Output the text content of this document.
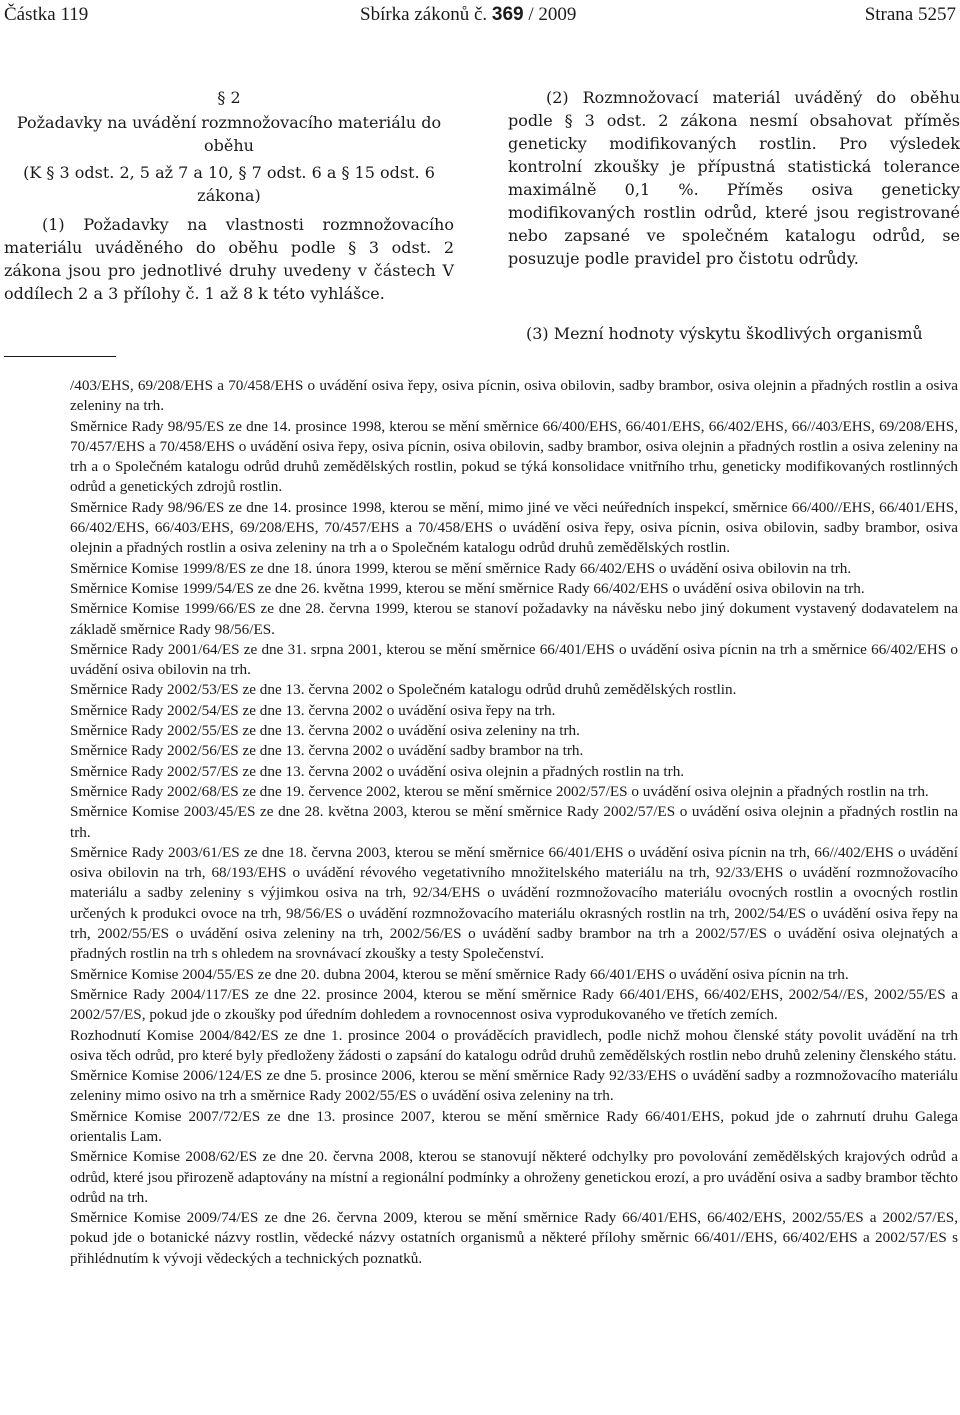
Částka 119	Sbírka zákonů č. 369 / 2009	Strana 5257

§ 2

Požadavky na uvádění rozmnožovacího materiálu do oběhu

(K § 3 odst. 2, 5 až 7 a 10, § 7 odst. 6 a § 15 odst. 6 zákona)

(1) Požadavky na vlastnosti rozmnožovacího materiálu uváděného do oběhu podle § 3 odst. 2 zákona jsou pro jednotlivé druhy uvedeny v částech V oddílech 2 a 3 přílohy č. 1 až 8 k této vyhlášce.

(2) Rozmnožovací materiál uváděný do oběhu podle § 3 odst. 2 zákona nesmí obsahovat příměs geneticky modifikovaných rostlin. Pro výsledek kontrolní zkoušky je přípustná statistická tolerance maximálně 0,1 %. Příměs osiva geneticky modifikovaných rostlin odrůd, které jsou registrované nebo zapsané ve společném katalogu odrůd, se posuzuje podle pravidel pro čistotu odrůdy.

(3) Mezní hodnoty výskytu škodlivých organismů

/403/EHS, 69/208/EHS a 70/458/EHS o uvádění osiva řepy, osiva pícnin, osiva obilovin, sadby brambor, osiva olejnin a přadných rostlin a osiva zeleniny na trh.

Směrnice Rady 98/95/ES ze dne 14. prosince 1998, kterou se mění směrnice 66/400/EHS, 66/401/EHS, 66/402/EHS, 66//403/EHS, 69/208/EHS, 70/457/EHS a 70/458/EHS o uvádění osiva řepy, osiva pícnin, osiva obilovin, sadby brambor, osiva olejnin a přadných rostlin a osiva zeleniny na trh a o Společném katalogu odrůd druhů zemědělských rostlin, pokud se týká konsolidace vnitřního trhu, geneticky modifikovaných rostlinných odrůd a genetických zdrojů rostlin.

Směrnice Rady 98/96/ES ze dne 14. prosince 1998, kterou se mění, mimo jiné ve věci neúředních inspekcí, směrnice 66/400//EHS, 66/401/EHS, 66/402/EHS, 66/403/EHS, 69/208/EHS, 70/457/EHS a 70/458/EHS o uvádění osiva řepy, osiva pícnin, osiva obilovin, sadby brambor, osiva olejnin a přadných rostlin a osiva zeleniny na trh a o Společném katalogu odrůd druhů zemědělských rostlin.

Směrnice Komise 1999/8/ES ze dne 18. února 1999, kterou se mění směrnice Rady 66/402/EHS o uvádění osiva obilovin na trh.

Směrnice Komise 1999/54/ES ze dne 26. května 1999, kterou se mění směrnice Rady 66/402/EHS o uvádění osiva obilovin na trh.

Směrnice Komise 1999/66/ES ze dne 28. června 1999, kterou se stanoví požadavky na návěsku nebo jiný dokument vystavený dodavatelem na základě směrnice Rady 98/56/ES.

Směrnice Rady 2001/64/ES ze dne 31. srpna 2001, kterou se mění směrnice 66/401/EHS o uvádění osiva pícnin na trh a směrnice 66/402/EHS o uvádění osiva obilovin na trh.

Směrnice Rady 2002/53/ES ze dne 13. června 2002 o Společném katalogu odrůd druhů zemědělských rostlin.

Směrnice Rady 2002/54/ES ze dne 13. června 2002 o uvádění osiva řepy na trh.

Směrnice Rady 2002/55/ES ze dne 13. června 2002 o uvádění osiva zeleniny na trh.

Směrnice Rady 2002/56/ES ze dne 13. června 2002 o uvádění sadby brambor na trh.

Směrnice Rady 2002/57/ES ze dne 13. června 2002 o uvádění osiva olejnin a přadných rostlin na trh.

Směrnice Rady 2002/68/ES ze dne 19. července 2002, kterou se mění směrnice 2002/57/ES o uvádění osiva olejnin a přadných rostlin na trh.

Směrnice Komise 2003/45/ES ze dne 28. května 2003, kterou se mění směrnice Rady 2002/57/ES o uvádění osiva olejnin a přadných rostlin na trh.

Směrnice Rady 2003/61/ES ze dne 18. června 2003, kterou se mění směrnice 66/401/EHS o uvádění osiva pícnin na trh, 66//402/EHS o uvádění osiva obilovin na trh, 68/193/EHS o uvádění révového vegetativního množitelského materiálu na trh, 92/33/EHS o uvádění rozmnožovacího materiálu a sadby zeleniny s výjimkou osiva na trh, 92/34/EHS o uvádění rozmnožovacího materiálu ovocných rostlin a ovocných rostlin určených k produkci ovoce na trh, 98/56/ES o uvádění rozmnožovacího materiálu okrasných rostlin na trh, 2002/54/ES o uvádění osiva řepy na trh, 2002/55/ES o uvádění osiva zeleniny na trh, 2002/56/ES o uvádění sadby brambor na trh a 2002/57/ES o uvádění osiva olejnatých a přadných rostlin na trh s ohledem na srovnávací zkoušky a testy Společenství.

Směrnice Komise 2004/55/ES ze dne 20. dubna 2004, kterou se mění směrnice Rady 66/401/EHS o uvádění osiva pícnin na trh.

Směrnice Rady 2004/117/ES ze dne 22. prosince 2004, kterou se mění směrnice Rady 66/401/EHS, 66/402/EHS, 2002/54//ES, 2002/55/ES a 2002/57/ES, pokud jde o zkoušky pod úředním dohledem a rovnocennost osiva vyprodukovaného ve třetích zemích.

Rozhodnutí Komise 2004/842/ES ze dne 1. prosince 2004 o prováděcích pravidlech, podle nichž mohou členské státy povolit uvádění na trh osiva těch odrůd, pro které byly předloženy žádosti o zapsání do katalogu odrůd druhů zemědělských rostlin nebo druhů zeleniny členského státu.

Směrnice Komise 2006/124/ES ze dne 5. prosince 2006, kterou se mění směrnice Rady 92/33/EHS o uvádění sadby a rozmnožovacího materiálu zeleniny mimo osivo na trh a směrnice Rady 2002/55/ES o uvádění osiva zeleniny na trh.

Směrnice Komise 2007/72/ES ze dne 13. prosince 2007, kterou se mění směrnice Rady 66/401/EHS, pokud jde o zahrnutí druhu Galega orientalis Lam.

Směrnice Komise 2008/62/ES ze dne 20. června 2008, kterou se stanovují některé odchylky pro povolování zemědělských krajových odrůd a odrůd, které jsou přirozeně adaptovány na místní a regionální podmínky a ohroženy genetickou erozí, a pro uvádění osiva a sadby brambor těchto odrůd na trh.

Směrnice Komise 2009/74/ES ze dne 26. června 2009, kterou se mění směrnice Rady 66/401/EHS, 66/402/EHS, 2002/55/ES a 2002/57/ES, pokud jde o botanické názvy rostlin, vědecké názvy ostatních organismů a některé přílohy směrnic 66/401//EHS, 66/402/EHS a 2002/57/ES s přihlédnutím k vývoji vědeckých a technických poznatků.
